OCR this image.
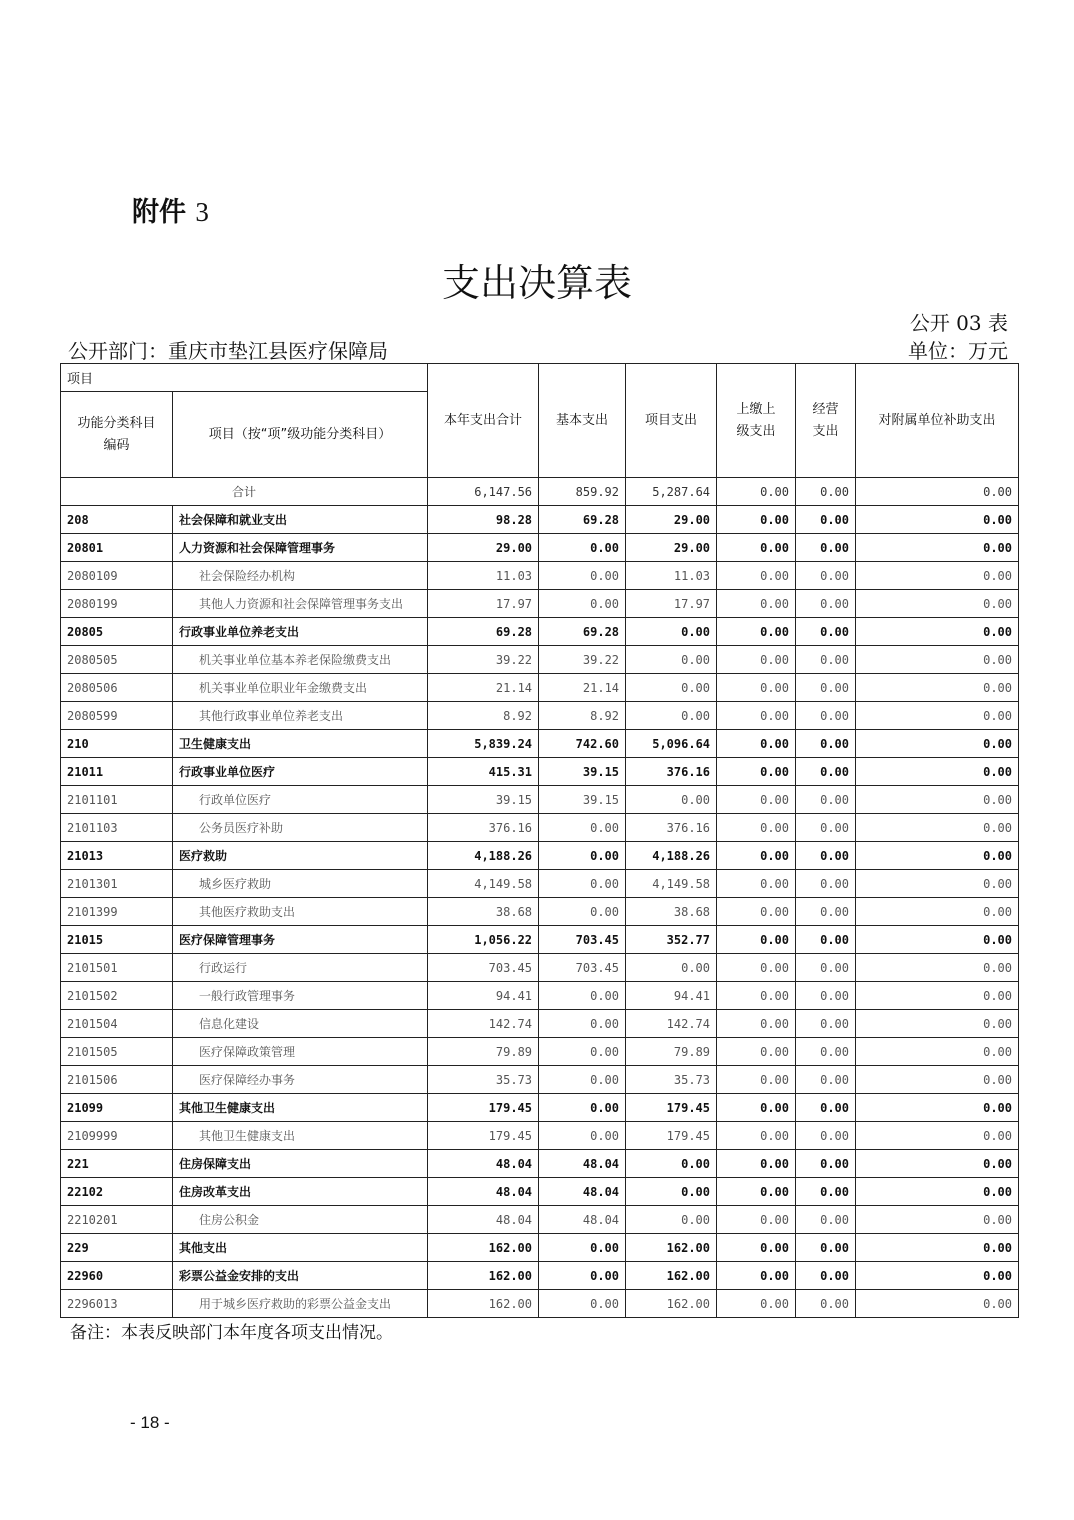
附件 3
支出决算表
公开 03 表
公开部门：重庆市垫江县医疗保障局	单位：万元
项目		本年支出合计	基本支出	项目支出	上缴上级支出	经营支出	对附属单位补助支出
功能分类科目编码	项目（按“项”级功能分类科目）						
合计		6,147.56	859.92	5,287.64	0.00	0.00	0.00
208	社会保障和就业支出	98.28	69.28	29.00	0.00	0.00	0.00
20801	人力资源和社会保障管理事务	29.00	0.00	29.00	0.00	0.00	0.00
2080109	社会保险经办机构	11.03	0.00	11.03	0.00	0.00	0.00
2080199	其他人力资源和社会保障管理事务支出	17.97	0.00	17.97	0.00	0.00	0.00
20805	行政事业单位养老支出	69.28	69.28	0.00	0.00	0.00	0.00
2080505	机关事业单位基本养老保险缴费支出	39.22	39.22	0.00	0.00	0.00	0.00
2080506	机关事业单位职业年金缴费支出	21.14	21.14	0.00	0.00	0.00	0.00
2080599	其他行政事业单位养老支出	8.92	8.92	0.00	0.00	0.00	0.00
210	卫生健康支出	5,839.24	742.60	5,096.64	0.00	0.00	0.00
21011	行政事业单位医疗	415.31	39.15	376.16	0.00	0.00	0.00
2101101	行政单位医疗	39.15	39.15	0.00	0.00	0.00	0.00
2101103	公务员医疗补助	376.16	0.00	376.16	0.00	0.00	0.00
21013	医疗救助	4,188.26	0.00	4,188.26	0.00	0.00	0.00
2101301	城乡医疗救助	4,149.58	0.00	4,149.58	0.00	0.00	0.00
2101399	其他医疗救助支出	38.68	0.00	38.68	0.00	0.00	0.00
21015	医疗保障管理事务	1,056.22	703.45	352.77	0.00	0.00	0.00
2101501	行政运行	703.45	703.45	0.00	0.00	0.00	0.00
2101502	一般行政管理事务	94.41	0.00	94.41	0.00	0.00	0.00
2101504	信息化建设	142.74	0.00	142.74	0.00	0.00	0.00
2101505	医疗保障政策管理	79.89	0.00	79.89	0.00	0.00	0.00
2101506	医疗保障经办事务	35.73	0.00	35.73	0.00	0.00	0.00
21099	其他卫生健康支出	179.45	0.00	179.45	0.00	0.00	0.00
2109999	其他卫生健康支出	179.45	0.00	179.45	0.00	0.00	0.00
221	住房保障支出	48.04	48.04	0.00	0.00	0.00	0.00
22102	住房改革支出	48.04	48.04	0.00	0.00	0.00	0.00
2210201	住房公积金	48.04	48.04	0.00	0.00	0.00	0.00
229	其他支出	162.00	0.00	162.00	0.00	0.00	0.00
22960	彩票公益金安排的支出	162.00	0.00	162.00	0.00	0.00	0.00
2296013	用于城乡医疗救助的彩票公益金支出	162.00	0.00	162.00	0.00	0.00	0.00
备注：本表反映部门本年度各项支出情况。
- 18 -
